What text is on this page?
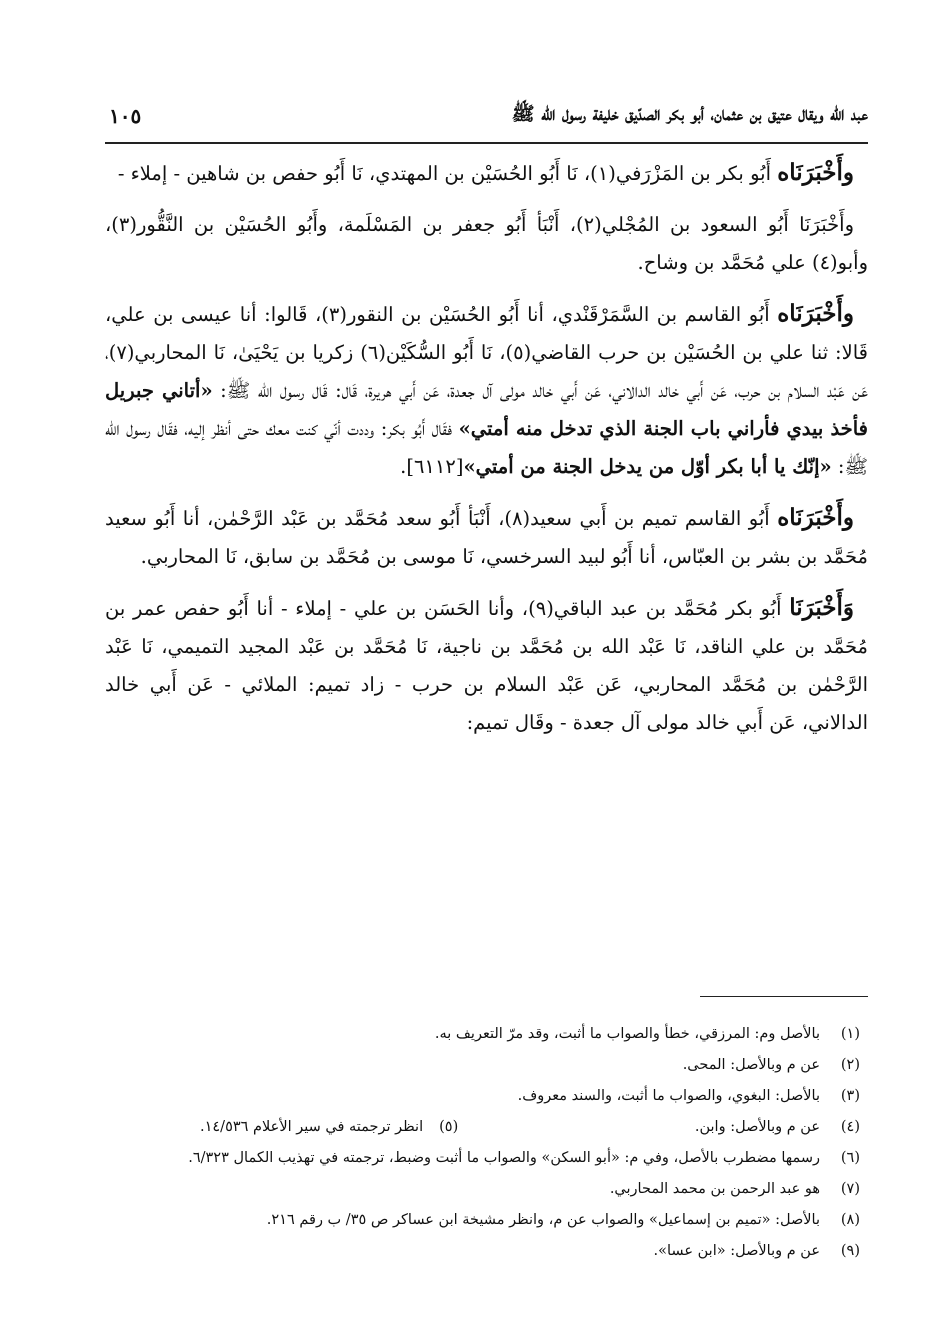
عبد الله ويقال عتيق بن عثمان، أبو بكر الصدّيق خليفة رسول الله ﷺ
١٠٥

وأَخْبَرَنَاه أَبُو بكر بن المَزْرَفي(١)، نَا أَبُو الحُسَيْن بن المهتدي، نَا أَبُو حفص بن شاهين - إملاء -

وأَخْبَرَنَا أَبُو السعود بن المُجْلي(٢)، أَنْبَأ أَبُو جعفر بن المَسْلَمة، وأَبُو الحُسَيْن بن النَّقُّور(٣)، وأبو(٤) علي مُحَمَّد بن وشاح.

وأَخْبَرَنَاه أَبُو القاسم بن السَّمَرْقَنْدي، أنا أَبُو الحُسَيْن بن النقور(٣)، قَالوا: أنا عيسى بن علي، قَالا: ثنا علي بن الحُسَيْن بن حرب القاضي(٥)، نَا أَبُو السُّكَيْن(٦) زكريا بن يَحْيَىٰ، نَا المحاربي(٧)، عَن عَبْد السلام بن حرب، عَن أَبي خالد الدالاني، عَن أَبي خالد مولى آل جعدة، عَن أَبي هريرة، قَال: قَال رسول الله ﷺ: «أتاني جبريل فأخذ بيدي فأراني باب الجنة الذي تدخل منه أمتي» فقَال أَبُو بكر: وددت أنّي كنت معك حتى أنظر إليه، فقَال رسول الله ﷺ: «إنّك يا أبا بكر أوّل من يدخل الجنة من أمتي»[٦١١٢].

وأَخْبَرَنَاه أَبُو القاسم تميم بن أَبي سعيد(٨)، أَنْبَأ أَبُو سعد مُحَمَّد بن عَبْد الرَّحْمٰن، أنا أَبُو سعيد مُحَمَّد بن بشر بن العبّاس، أنا أَبُو لبيد السرخسي، نَا موسى بن مُحَمَّد بن سابق، نَا المحاربي.

وَأَخْبَرَنَا أَبُو بكر مُحَمَّد بن عبد الباقي(٩)، وأنا الحَسَن بن علي - إملاء - أنا أَبُو حفص عمر بن مُحَمَّد بن علي الناقد، نَا عَبْد الله بن مُحَمَّد بن ناجية، نَا مُحَمَّد بن عَبْد المجيد التميمي، نَا عَبْد الرَّحْمٰن بن مُحَمَّد المحاربي، عَن عَبْد السلام بن حرب - زاد تميم: الملائي - عَن أَبي خالد الدالاني، عَن أَبي خالد مولى آل جعدة - وقَال تميم:

(١)
بالأصل وم: المرزقي، خطأ والصواب ما أثبت، وقد مرّ التعريف به.
(٢)
عن م وبالأصل: المحى.
(٣)
بالأصل: البغوي، والصواب ما أثبت، والسند معروف.
(٤)
عن م وبالأصل: وابن.
(٥)انظر ترجمته في سير الأعلام ١٤/٥٣٦.
(٦)
رسمها مضطرب بالأصل، وفي م: «أبو السكن» والصواب ما أثبت وضبط، ترجمته في تهذيب الكمال ٦/٣٢٣.
(٧)
هو عبد الرحمن بن محمد المحاربي.
(٨)
بالأصل: «تميم بن إسماعيل» والصواب عن م، وانظر مشيخة ابن عساكر ص ٣٥/ ب رقم ٢١٦.
(٩)
عن م وبالأصل: «ابن عسا».
